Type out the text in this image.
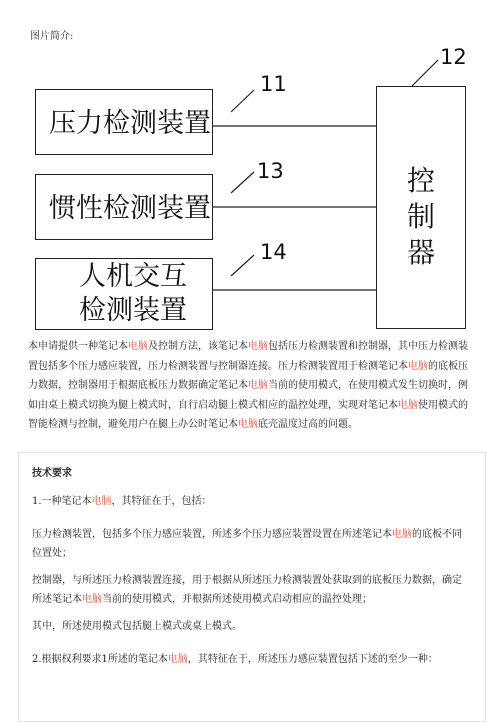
图片简介:
压力检测装置
惯性检测装置
人机交互
检测装置
控
制
器
11
12
13
14
本申请提供一种笔记本电脑及控制方法，该笔记本电脑包括压力检测装置和控制器，其中压力检测装置包括多个压力感应装置，压力检测装置与控制器连接。压力检测装置用于检测笔记本电脑的底板压力数据，控制器用于根据底板压力数据确定笔记本电脑当前的使用模式，在使用模式发生切换时，例如由桌上模式切换为腿上模式时，自行启动腿上模式相应的温控处理，实现对笔记本电脑使用模式的智能检测与控制，避免用户在腿上办公时笔记本电脑底壳温度过高的问题。
技术要求
1.一种笔记本电脑，其特征在于，包括：
压力检测装置，包括多个压力感应装置，所述多个压力感应装置设置在所述笔记本电脑的底板不同位置处；
控制器，与所述压力检测装置连接，用于根据从所述压力检测装置处获取到的底板压力数据，确定所述笔记本电脑当前的使用模式，并根据所述使用模式启动相应的温控处理；
其中，所述使用模式包括腿上模式或桌上模式。
2.根据权利要求1所述的笔记本电脑，其特征在于，所述压力感应装置包括下述的至少一种：
